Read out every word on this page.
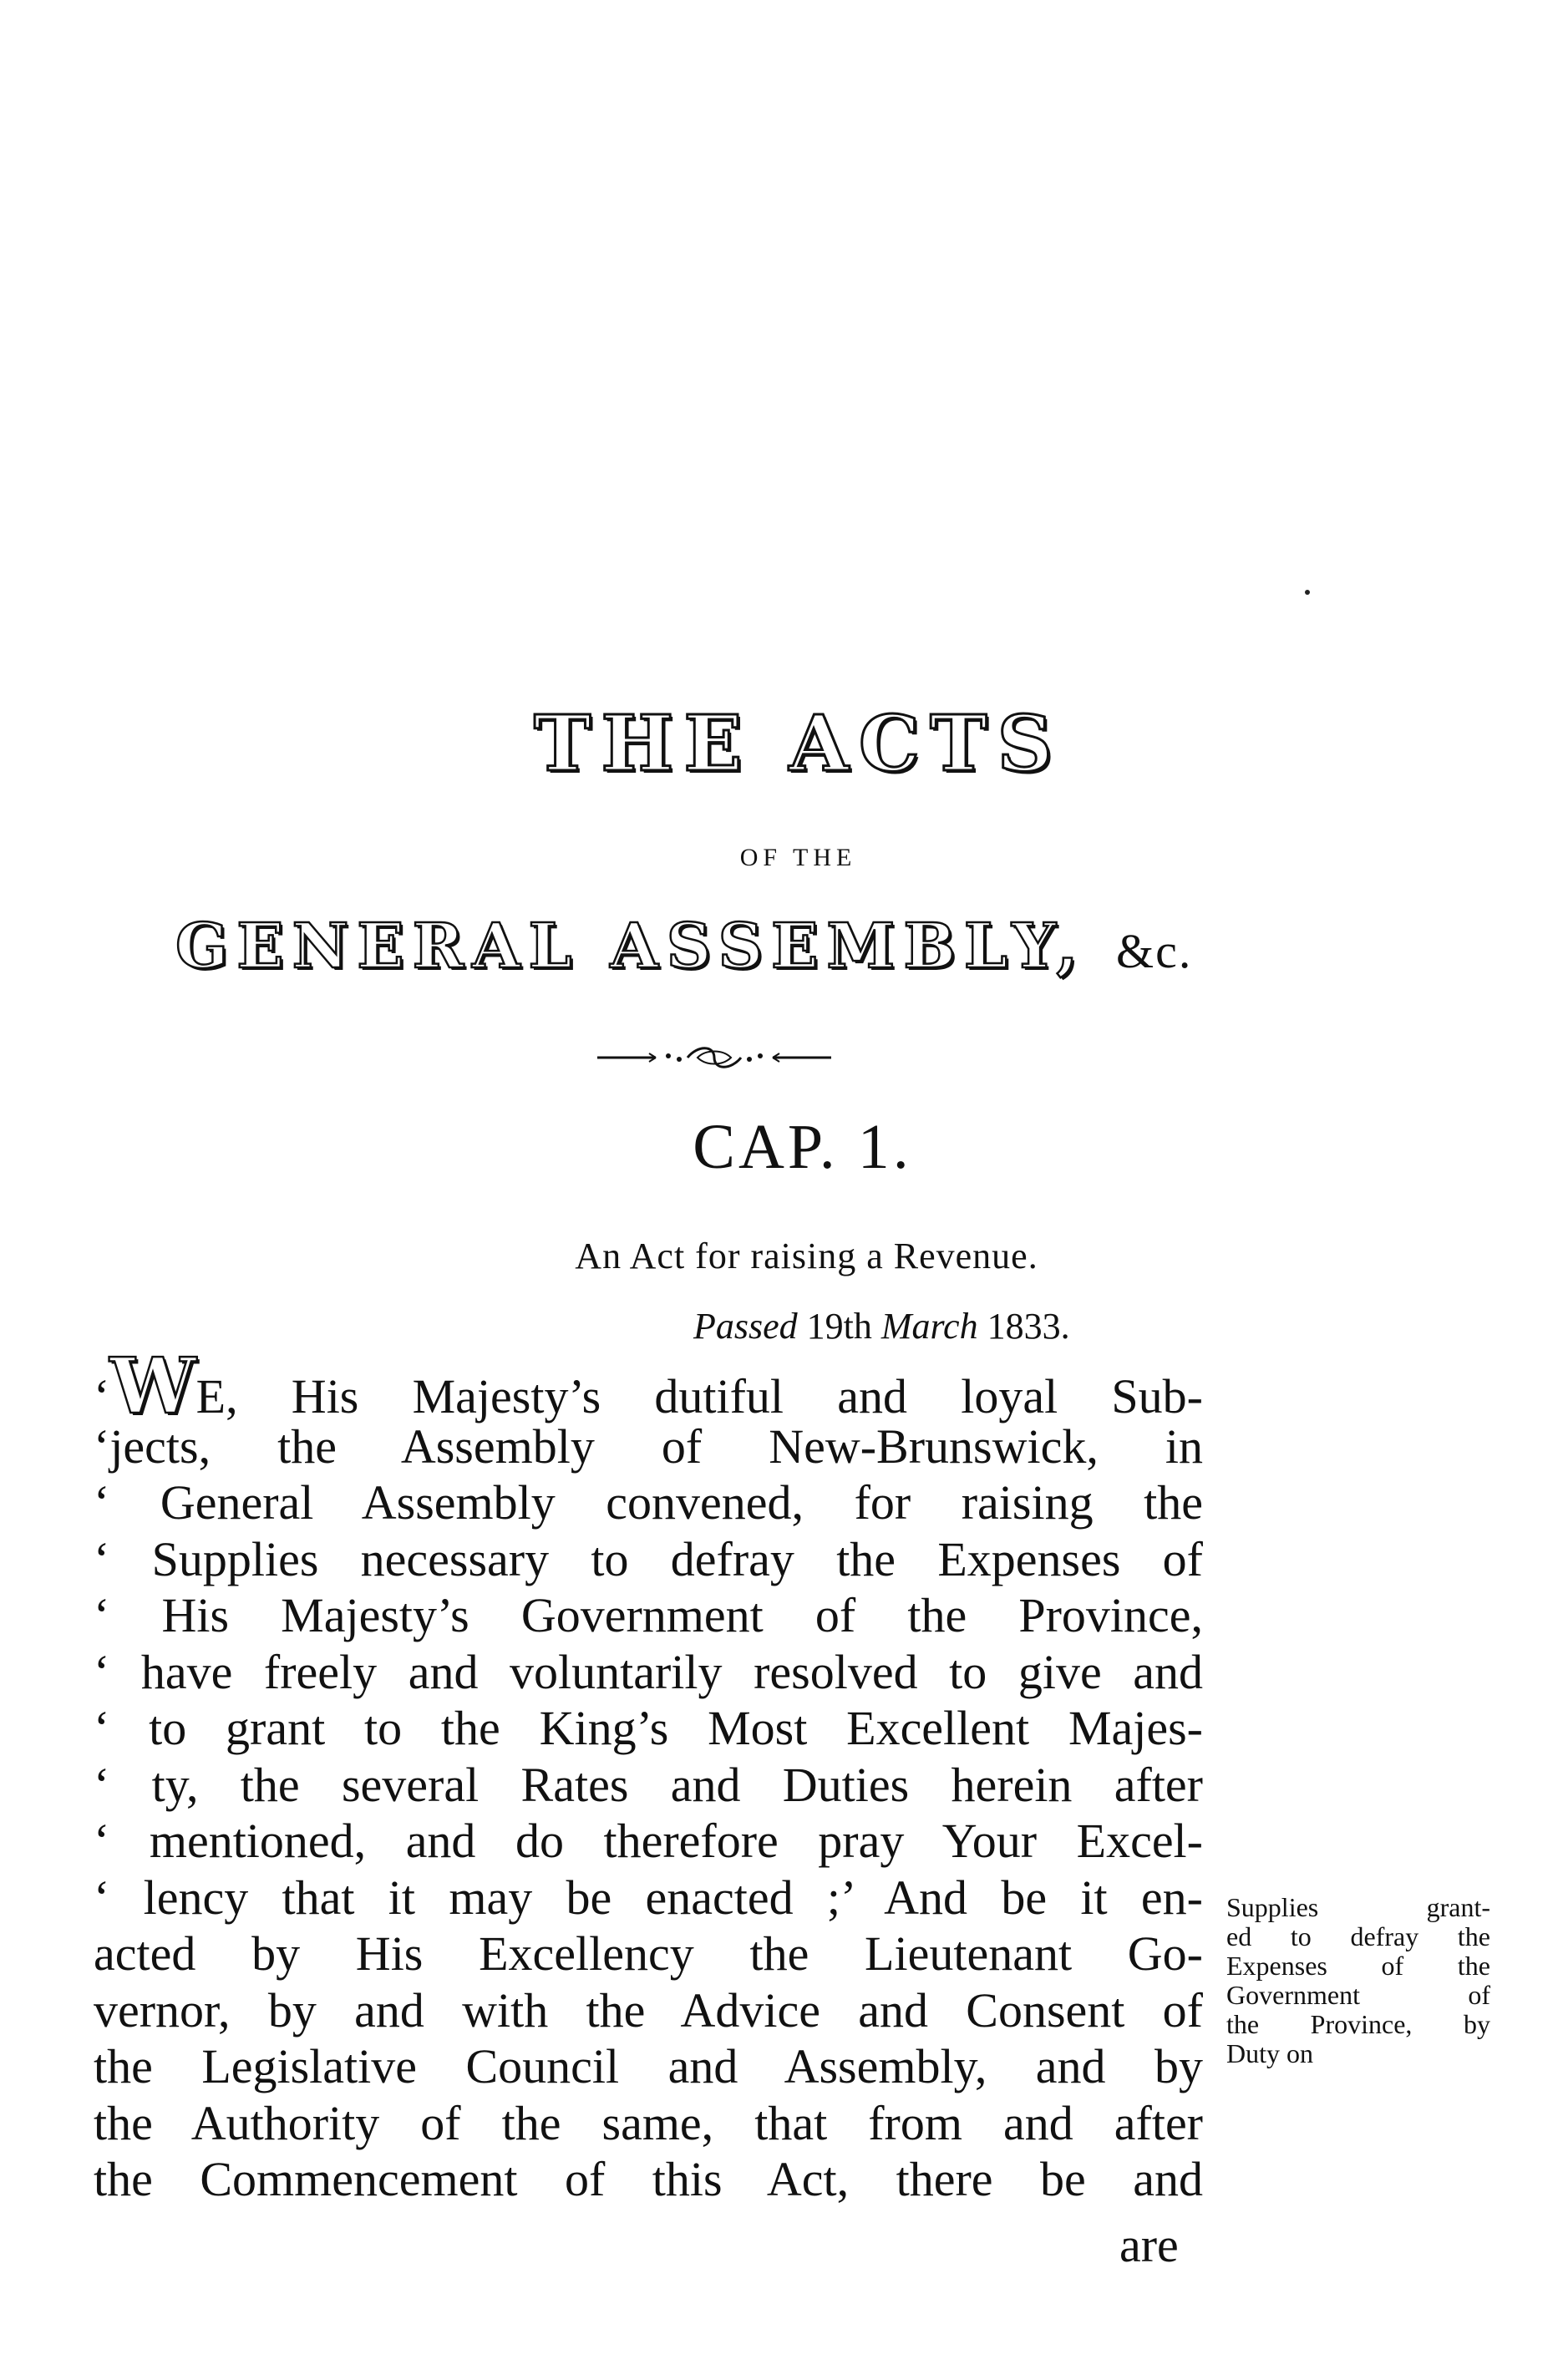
THE ACTS
OF THE
GENERAL ASSEMBLY, &c.
CAP. 1.
An Act for raising a Revenue.
Passed 19th March 1833.
‘WE, His Majesty’s dutiful and loyal Sub-
‘jects, the Assembly of New-Brunswick, in
‘ General Assembly convened, for raising the
‘ Supplies necessary to defray the Expenses of
‘ His Majesty’s Government of the Province,
‘ have freely and voluntarily resolved to give and
‘ to grant to the King’s Most Excellent Majes-
‘ ty, the several Rates and Duties herein after
‘ mentioned, and do therefore pray Your Excel-
‘ lency that it may be enacted ;’ And be it en-
acted by His Excellency the Lieutenant Go-
vernor, by and with the Advice and Consent of
the Legislative Council and Assembly, and by
the Authority of the same, that from and after
the Commencement of this Act, there be and
are
Supplies grant-
ed to defray the
Expenses of the
Government of
the Province, by
Duty on
